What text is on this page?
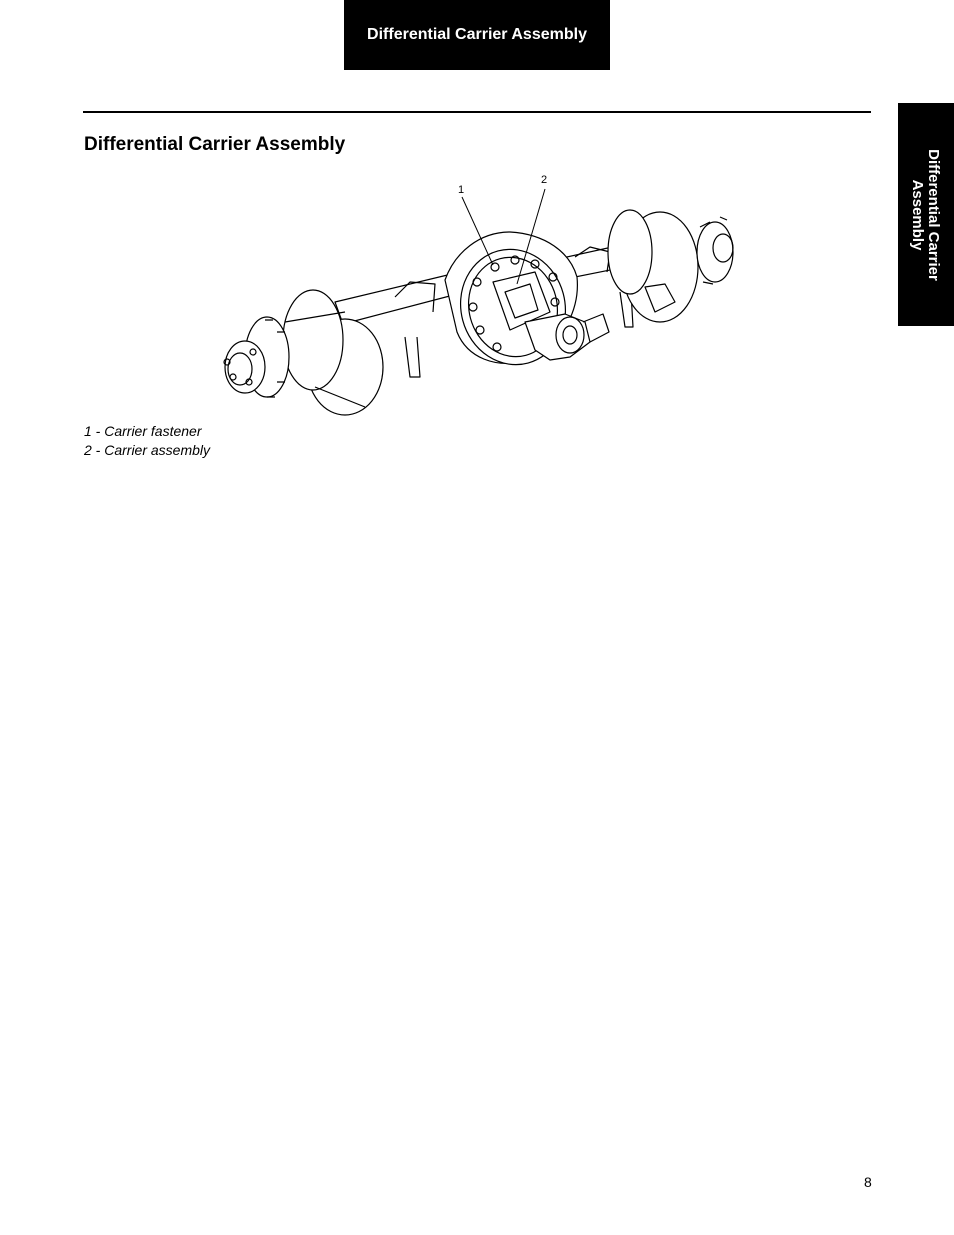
Differential Carrier Assembly
Differential Carrier Assembly
Differential Carrier Assembly
1
2
1 - Carrier fastener
2 - Carrier assembly
8
